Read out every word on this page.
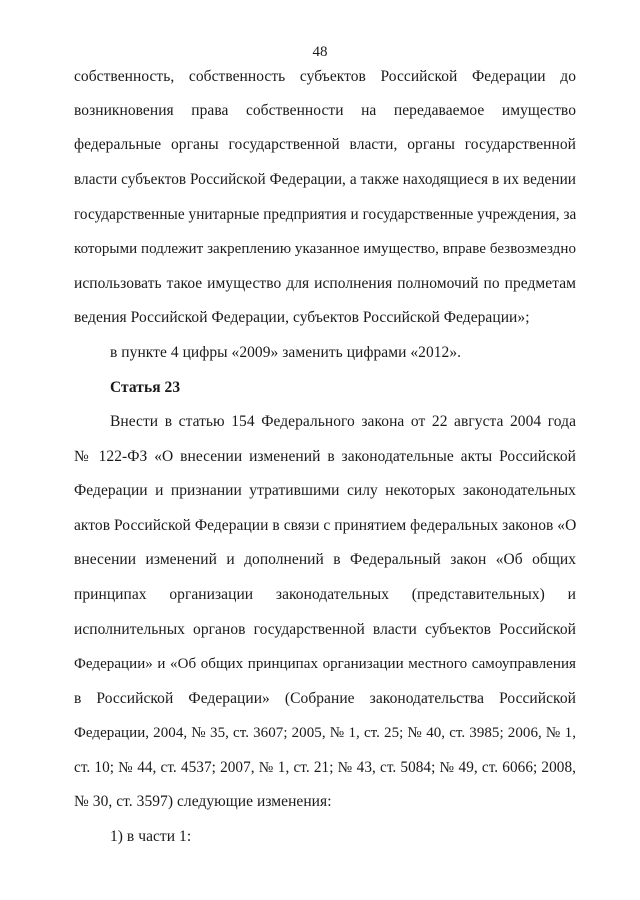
48
собственность, собственность субъектов Российской Федерации до
возникновения права собственности на передаваемое имущество
федеральные органы государственной власти, органы государственной
власти субъектов Российской Федерации, а также находящиеся в их ведении
государственные унитарные предприятия и государственные учреждения, за
которыми подлежит закреплению указанное имущество, вправе безвозмездно
использовать такое имущество для исполнения полномочий по предметам
ведения Российской Федерации, субъектов Российской Федерации»;
в пункте 4 цифры «2009» заменить цифрами «2012».
Статья 23
Внести в статью 154 Федерального закона от 22 августа 2004 года
№ 122-ФЗ «О внесении изменений в законодательные акты Российской
Федерации и признании утратившими силу некоторых законодательных
актов Российской Федерации в связи с принятием федеральных законов «О
внесении изменений и дополнений в Федеральный закон «Об общих
принципах организации законодательных (представительных) и
исполнительных органов государственной власти субъектов Российской
Федерации» и «Об общих принципах организации местного самоуправления
в Российской Федерации» (Собрание законодательства Российской
Федерации, 2004, № 35, ст. 3607; 2005, № 1, ст. 25; № 40, ст. 3985; 2006, № 1,
ст. 10; № 44, ст. 4537; 2007, № 1, ст. 21; № 43, ст. 5084; № 49, ст. 6066; 2008,
№ 30, ст. 3597) следующие изменения:
1) в части 1:
